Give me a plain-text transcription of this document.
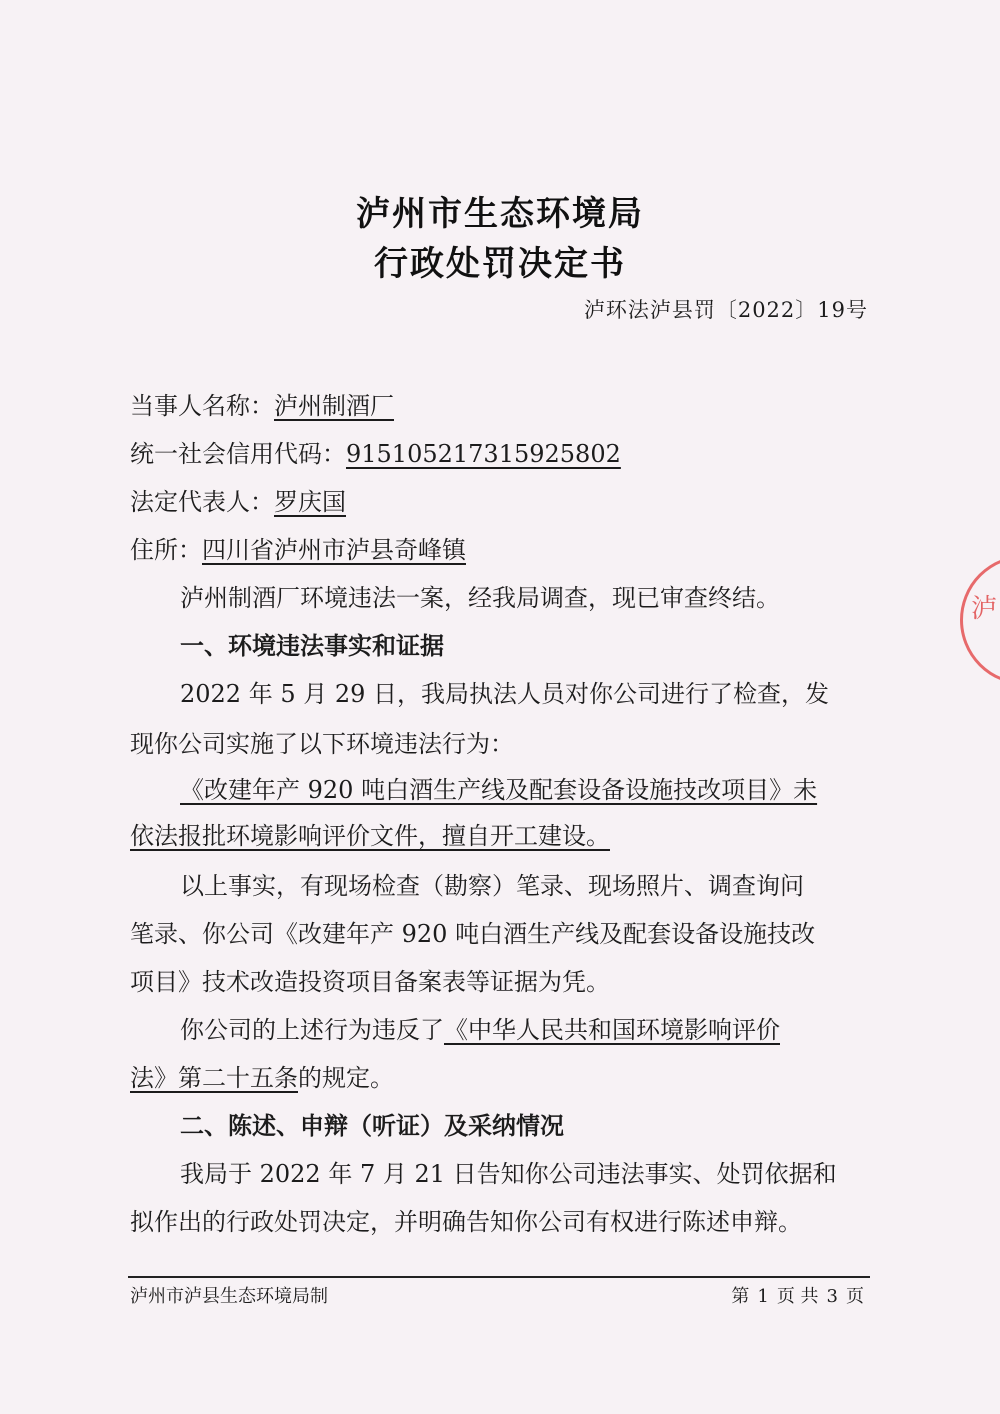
泸州市生态环境局
行政处罚决定书
泸环法泸县罚〔2022〕19号
当事人名称：泸州制酒厂
统一社会信用代码：915105217315925802
法定代表人：罗庆国
住所：四川省泸州市泸县奇峰镇
泸州制酒厂环境违法一案，经我局调查，现已审查终结。
一、环境违法事实和证据
2022 年 5 月 29 日，我局执法人员对你公司进行了检查，发
现你公司实施了以下环境违法行为：
《改建年产 920 吨白酒生产线及配套设备设施技改项目》未
依法报批环境影响评价文件，擅自开工建设。
以上事实，有现场检查（勘察）笔录、现场照片、调查询问
笔录、你公司《改建年产 920 吨白酒生产线及配套设备设施技改
项目》技术改造投资项目备案表等证据为凭。
你公司的上述行为违反了《中华人民共和国环境影响评价
法》第二十五条的规定。
二、陈述、申辩（听证）及采纳情况
我局于 2022 年 7 月 21 日告知你公司违法事实、处罚依据和
拟作出的行政处罚决定，并明确告知你公司有权进行陈述申辩。
泸州市泸县生态环境局制	第 1 页 共 3 页
泸
